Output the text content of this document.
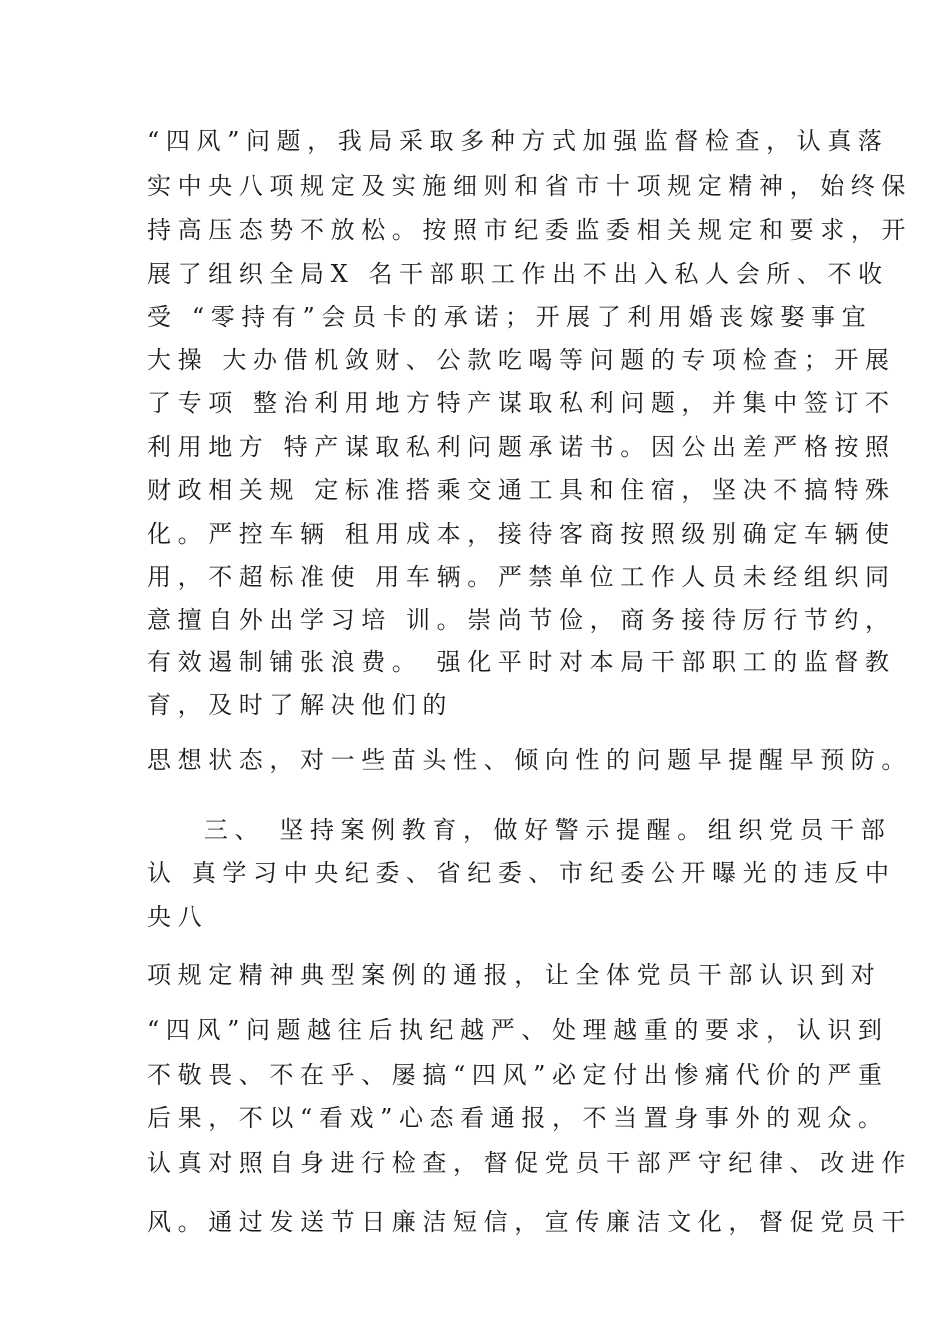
“四风”问题，我局采取多种方式加强监督检查，认真落
实中央八项规定及实施细则和省市十项规定精神，始终保
持高压态势不放松。按照市纪委监委相关规定和要求，开
展了组织全局X 名干部职工作出不出入私人会所、不收
受 “零持有”会员卡的承诺；开展了利用婚丧嫁娶事宜
大操 大办借机敛财、公款吃喝等问题的专项检查；开展
了专项 整治利用地方特产谋取私利问题，并集中签订不
利用地方 特产谋取私利问题承诺书。因公出差严格按照
财政相关规 定标准搭乘交通工具和住宿，坚决不搞特殊
化。严控车辆 租用成本，接待客商按照级别确定车辆使
用，不超标准使 用车辆。严禁单位工作人员未经组织同
意擅自外出学习培 训。崇尚节俭，商务接待厉行节约，
有效遏制铺张浪费。 强化平时对本局干部职工的监督教
育，及时了解决他们的
思想状态，对一些苗头性、倾向性的问题早提醒早预防。
三、 坚持案例教育，做好警示提醒。组织党员干部
认 真学习中央纪委、省纪委、市纪委公开曝光的违反中
央八
项规定精神典型案例的通报，让全体党员干部认识到对
“四风”问题越往后执纪越严、处理越重的要求，认识到
不敬畏、不在乎、屡搞“四风”必定付出惨痛代价的严重
后果，不以“看戏”心态看通报，不当置身事外的观众。
认真对照自身进行检查，督促党员干部严守纪律、改进作
风。通过发送节日廉洁短信，宣传廉洁文化，督促党员干
